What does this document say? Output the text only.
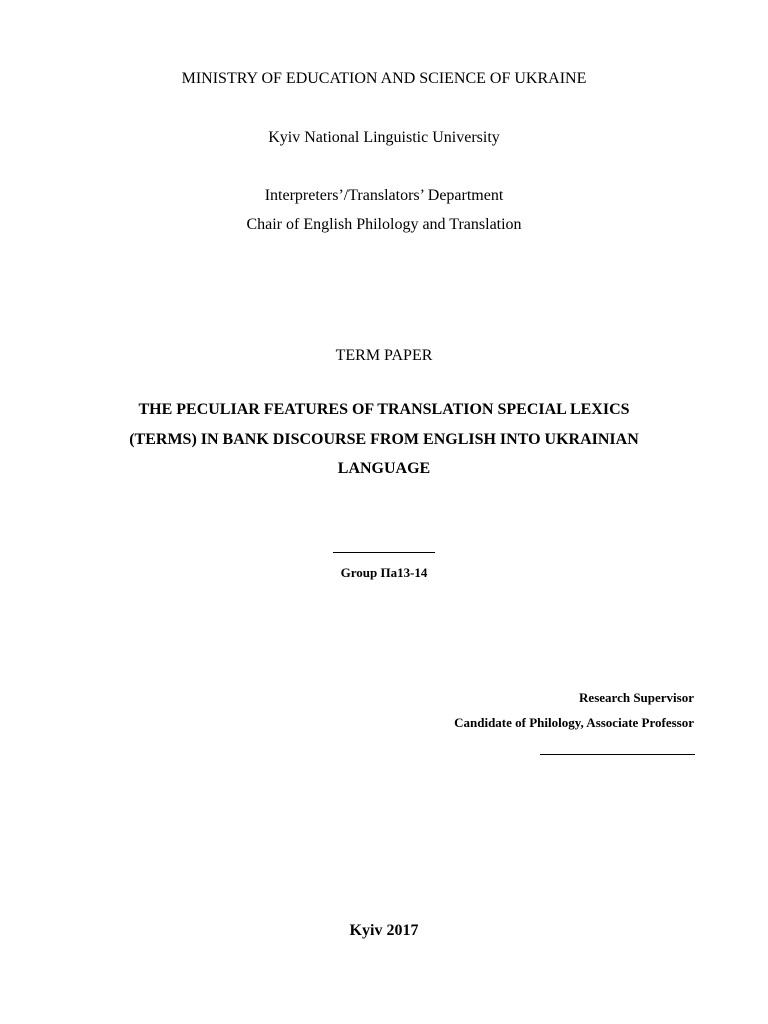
MINISTRY OF EDUCATION AND SCIENCE OF UKRAINE
Kyiv National Linguistic University
Interpreters’/Translators’ Department
Chair of English Philology and Translation
TERM PAPER
THE PECULIAR FEATURES OF TRANSLATION SPECIAL LEXICS
(TERMS) IN BANK DISCOURSE FROM ENGLISH INTO UKRAINIAN
LANGUAGE
Group Па13-14
Research Supervisor
Candidate of Philology, Associate Professor
Kyiv 2017
